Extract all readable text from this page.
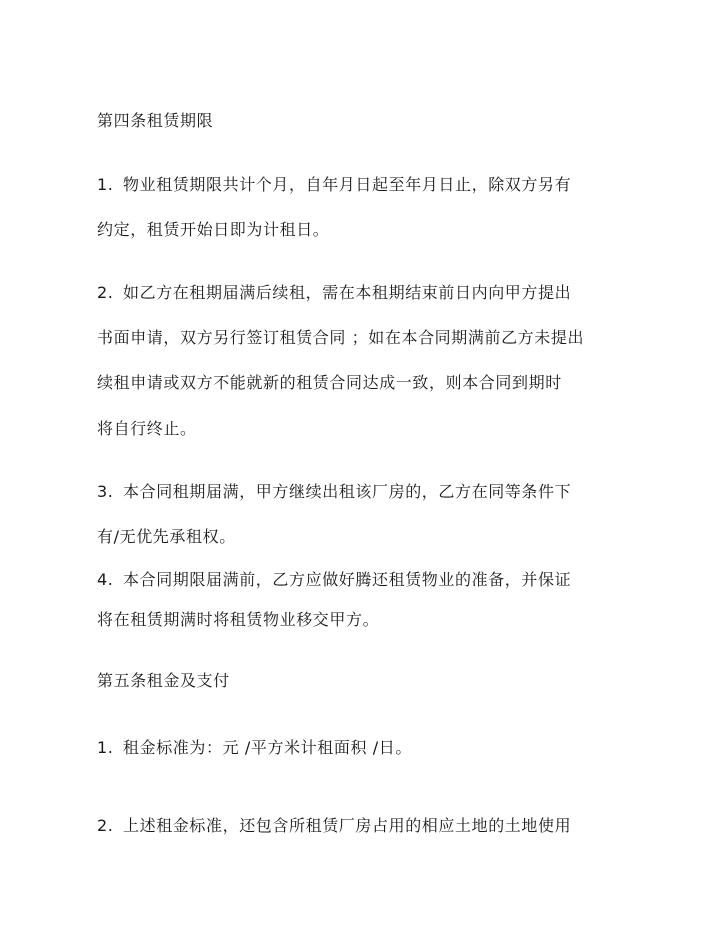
第四条租赁期限
1. 物业租赁期限共计个月，自年月日起至年月日止，除双方另有
约定，租赁开始日即为计租日。
2. 如乙方在租期届满后续租，需在本租期结束前日内向甲方提出
书面申请，双方另行签订租赁合同 ；如在本合同期满前乙方未提出
续租申请或双方不能就新的租赁合同达成一致，则本合同到期时
将自行终止。
3. 本合同租期届满，甲方继续出租该厂房的，乙方在同等条件下
有/无优先承租权。
4. 本合同期限届满前，乙方应做好腾还租赁物业的准备，并保证
将在租赁期满时将租赁物业移交甲方。
第五条租金及支付
1. 租金标准为：元 /平方米计租面积 /日。
2. 上述租金标准，还包含所租赁厂房占用的相应土地的土地使用
